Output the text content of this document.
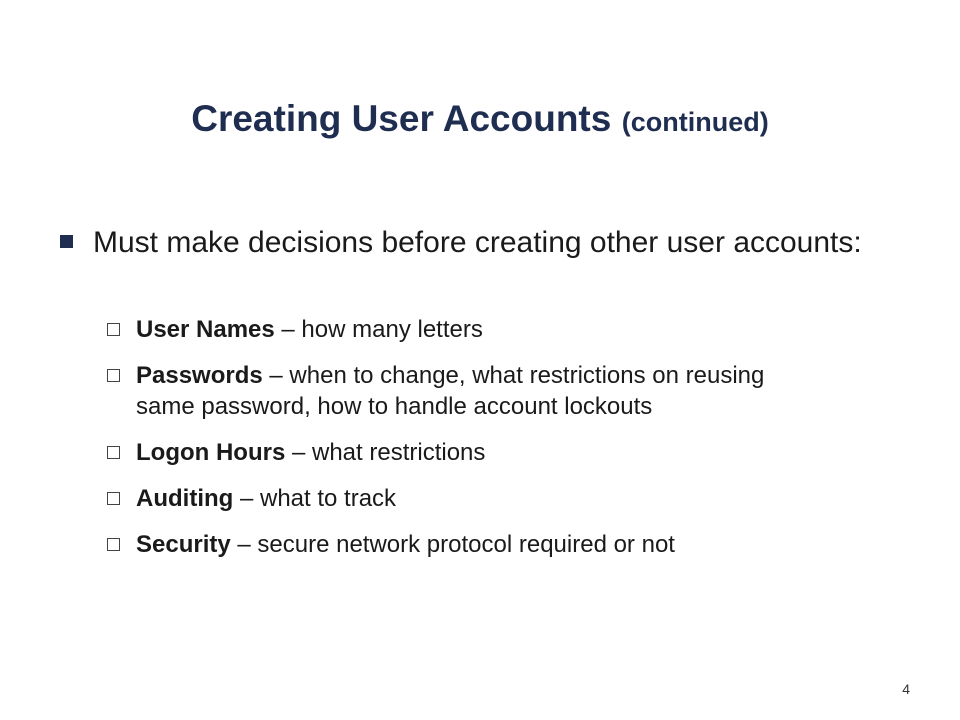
Creating User Accounts (continued)
Must make decisions before creating other user accounts:
User Names – how many letters
Passwords – when to change, what restrictions on reusing same password, how to handle account lockouts
Logon Hours – what restrictions
Auditing – what to track
Security – secure network protocol required or not
4
